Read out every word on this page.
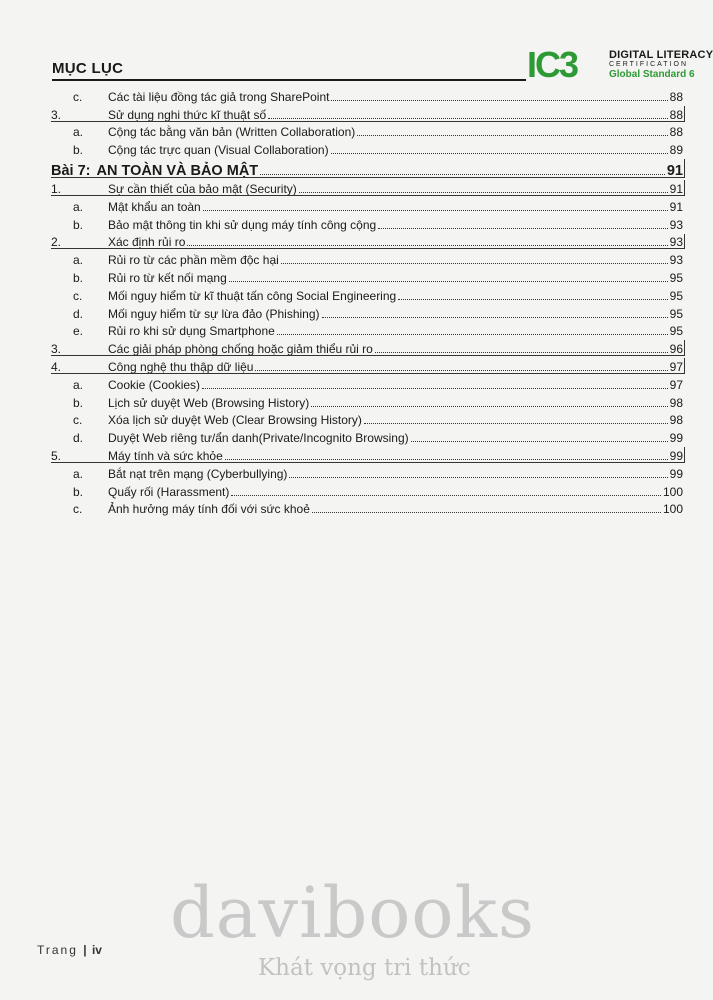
MỤC LỤC	IC3	DIGITAL LITERACY
CERTIFICATION
Global Standard 6
c.	Các tài liệu đồng tác giả trong SharePoint	88
3.	Sử dụng nghi thức kĩ thuật số	88
a.	Cộng tác bằng văn bản (Written Collaboration)	88
b.	Cộng tác trực quan (Visual Collaboration)	89
Bài 7: AN TOÀN VÀ BẢO MẬT	91
1.	Sự cần thiết của bảo mật (Security)	91
a.	Mật khẩu an toàn	91
b.	Bảo mật thông tin khi sử dụng máy tính công cộng	93
2.	Xác định rủi ro	93
a.	Rủi ro từ các phần mềm độc hại	93
b.	Rủi ro từ kết nối mạng	95
c.	Mối nguy hiểm từ kĩ thuật tấn công Social Engineering	95
d.	Mối nguy hiểm từ sự lừa đảo (Phishing)	95
e.	Rủi ro khi sử dụng Smartphone	95
3.	Các giải pháp phòng chống hoặc giảm thiểu rủi ro	96
4.	Công nghệ thu thập dữ liệu	97
a.	Cookie (Cookies)	97
b.	Lịch sử duyệt Web (Browsing History)	98
c.	Xóa lịch sử duyệt Web (Clear Browsing History)	98
d.	Duyệt Web riêng tư/ẩn danh(Private/Incognito Browsing)	99
5.	Máy tính và sức khỏe	99
a.	Bắt nạt trên mạng (Cyberbullying)	99
b.	Quấy rối (Harassment)	100
c.	Ảnh hưởng máy tính đối với sức khoẻ	100
Trang | iv davibooks
Khát vọng tri thức
